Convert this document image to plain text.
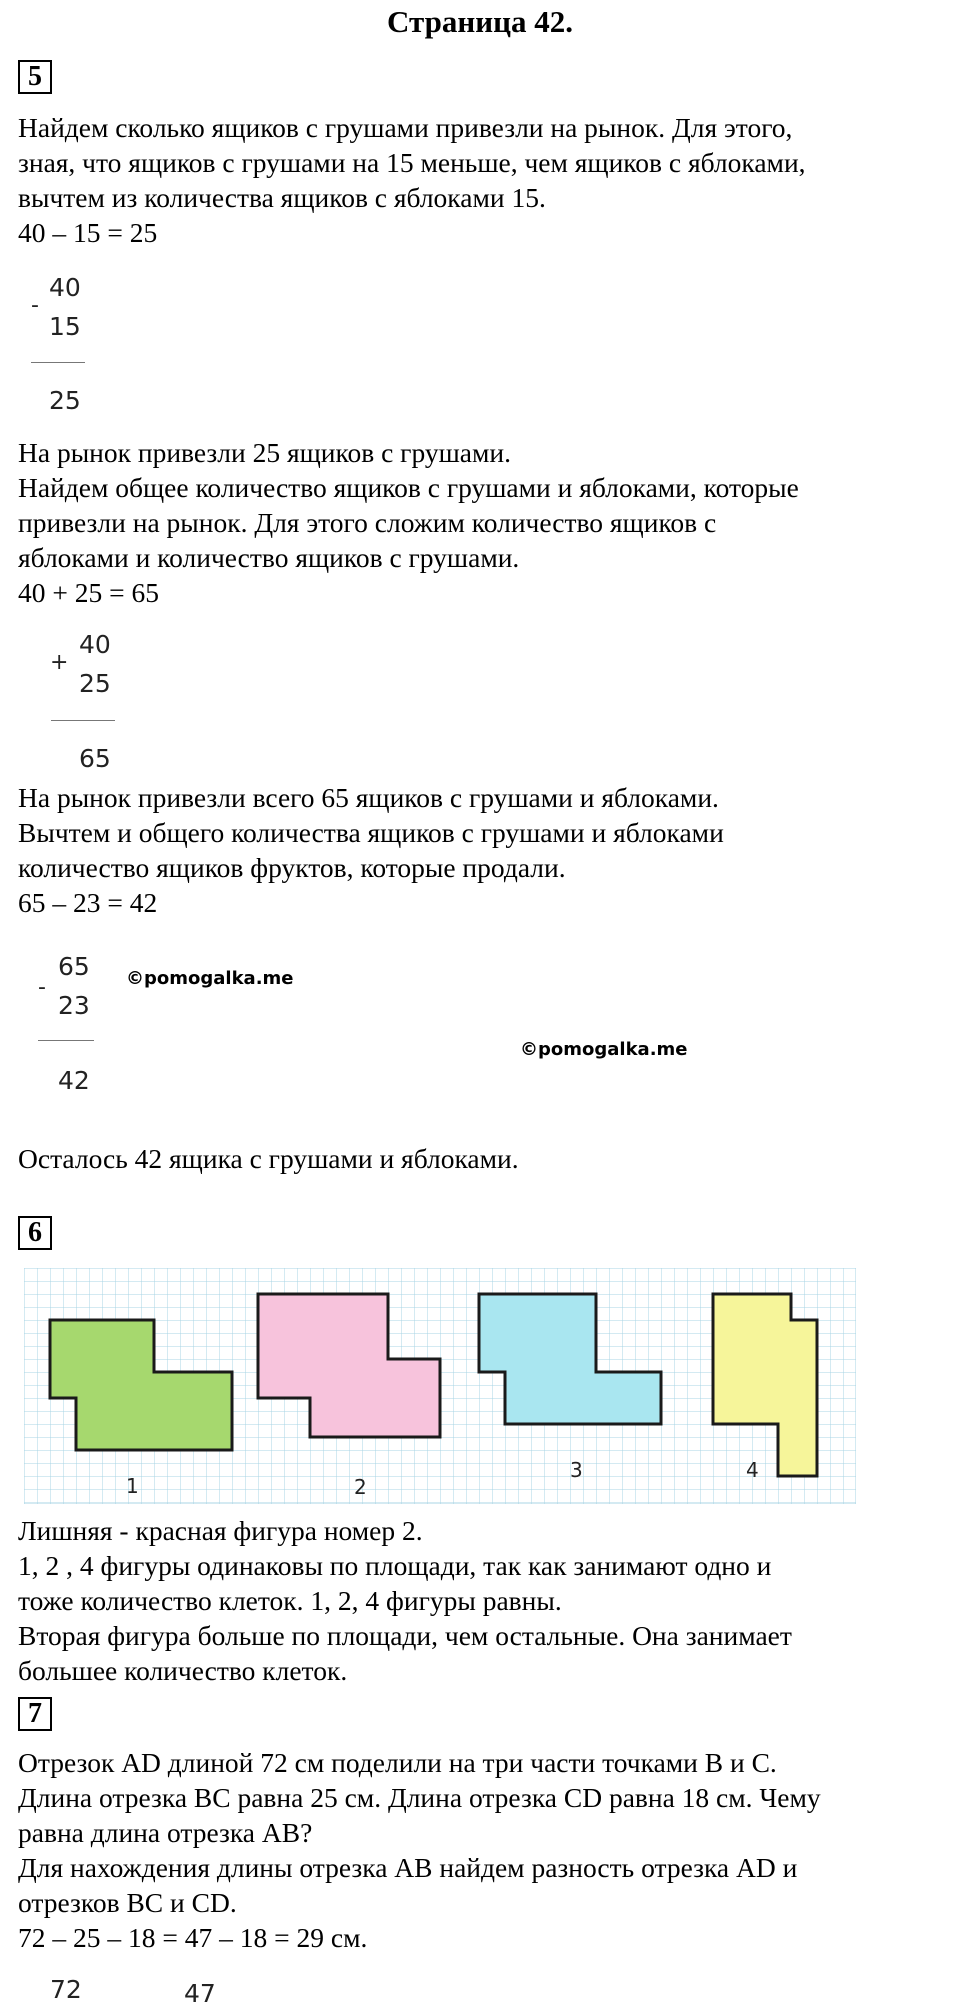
Страница 42.
5
Найдем сколько ящиков с грушами привезли на рынок. Для этого,
зная, что ящиков с грушами на 15 меньше, чем ящиков с яблоками,
вычтем из количества ящиков с яблоками 15.
40 – 15 = 25
-
40
15
25
На рынок привезли 25 ящиков с грушами.
Найдем общее количество ящиков с грушами и яблоками, которые
привезли на рынок. Для этого сложим количество ящиков с
яблоками и количество ящиков с грушами.
40 + 25 = 65
+
40
25
65
На рынок привезли всего 65 ящиков с грушами и яблоками.
Вычтем и общего количества ящиков с грушами и яблоками
количество ящиков фруктов, которые продали.
65 – 23 = 42
-
65
23
42
©pomogalka.me
©pomogalka.me
Осталось 42 ящика с грушами и яблоками.
6
1	2
3	4
Лишняя - красная фигура номер 2.
1, 2 , 4 фигуры одинаковы по площади, так как занимают одно и
тоже количество клеток. 1, 2, 4 фигуры равны.
Вторая фигура больше по площади, чем остальные. Она занимает
большее количество клеток.
7
Отрезок AD длиной 72 см поделили на три части точками B и C.
Длина отрезка BC равна 25 см. Длина отрезка CD равна 18 см. Чему
равна длина отрезка AB?
Для нахождения длины отрезка AB найдем разность отрезка AD и
отрезков BC и CD.
72 – 25 – 18 = 47 – 18 = 29 см.
72	47
